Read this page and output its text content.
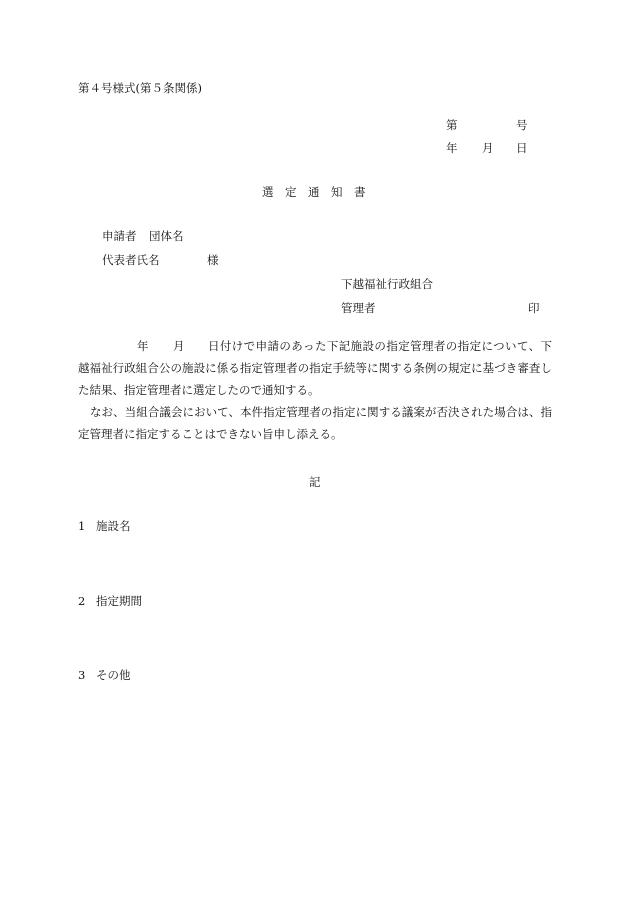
第４号様式(第５条関係)
第	号
年 月 日
選　定　通　知　書
申請者 団体名
代表者氏名	様
下越福祉行政組合
管理者	印
年 月	日付けで申請のあった下記施設の指定管理者の指定について、下越福祉行政組合公の施設に係る指定管理者の指定手続等に関する条例の規定に基づき審査した結果、指定管理者に選定したので通知する。

なお、当組合議会において、本件指定管理者の指定に関する議案が否決された場合は、指定管理者に指定することはできない旨申し添える。

記
1 施設名
2 指定期間
3 その他
